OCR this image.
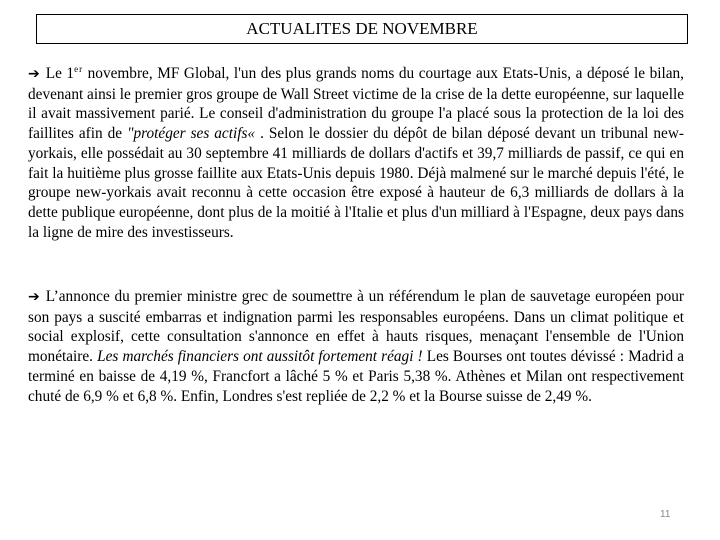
ACTUALITES DE NOVEMBRE

➔ Le 1er novembre, MF Global, l'un des plus grands noms du courtage aux Etats-Unis, a déposé le bilan, devenant ainsi le premier gros groupe de Wall Street victime de la crise de la dette européenne, sur laquelle il avait massivement parié. Le conseil d'administration du groupe l'a placé sous la protection de la loi des faillites afin de "protéger ses actifs« . Selon le dossier du dépôt de bilan déposé devant un tribunal new-yorkais, elle possédait au 30 septembre 41 milliards de dollars d'actifs et 39,7 milliards de passif, ce qui en fait la huitième plus grosse faillite aux Etats-Unis depuis 1980. Déjà malmené sur le marché depuis l'été, le groupe new-yorkais avait reconnu à cette occasion être exposé à hauteur de 6,3 milliards de dollars à la dette publique européenne, dont plus de la moitié à l'Italie et plus d'un milliard à l'Espagne, deux pays dans la ligne de mire des investisseurs.

➔ L’annonce du premier ministre grec de soumettre à un référendum le plan de sauvetage européen pour son pays a suscité embarras et indignation parmi les responsables européens. Dans un climat politique et social explosif, cette consultation s'annonce en effet à hauts risques, menaçant l'ensemble de l'Union monétaire. Les marchés financiers ont aussitôt fortement réagi ! Les Bourses ont toutes dévissé : Madrid a terminé en baisse de 4,19 %, Francfort a lâché 5 % et Paris 5,38 %. Athènes et Milan ont respectivement chuté de 6,9 % et 6,8 %. Enfin, Londres s'est repliée de 2,2 % et la Bourse suisse de 2,49 %.

11
